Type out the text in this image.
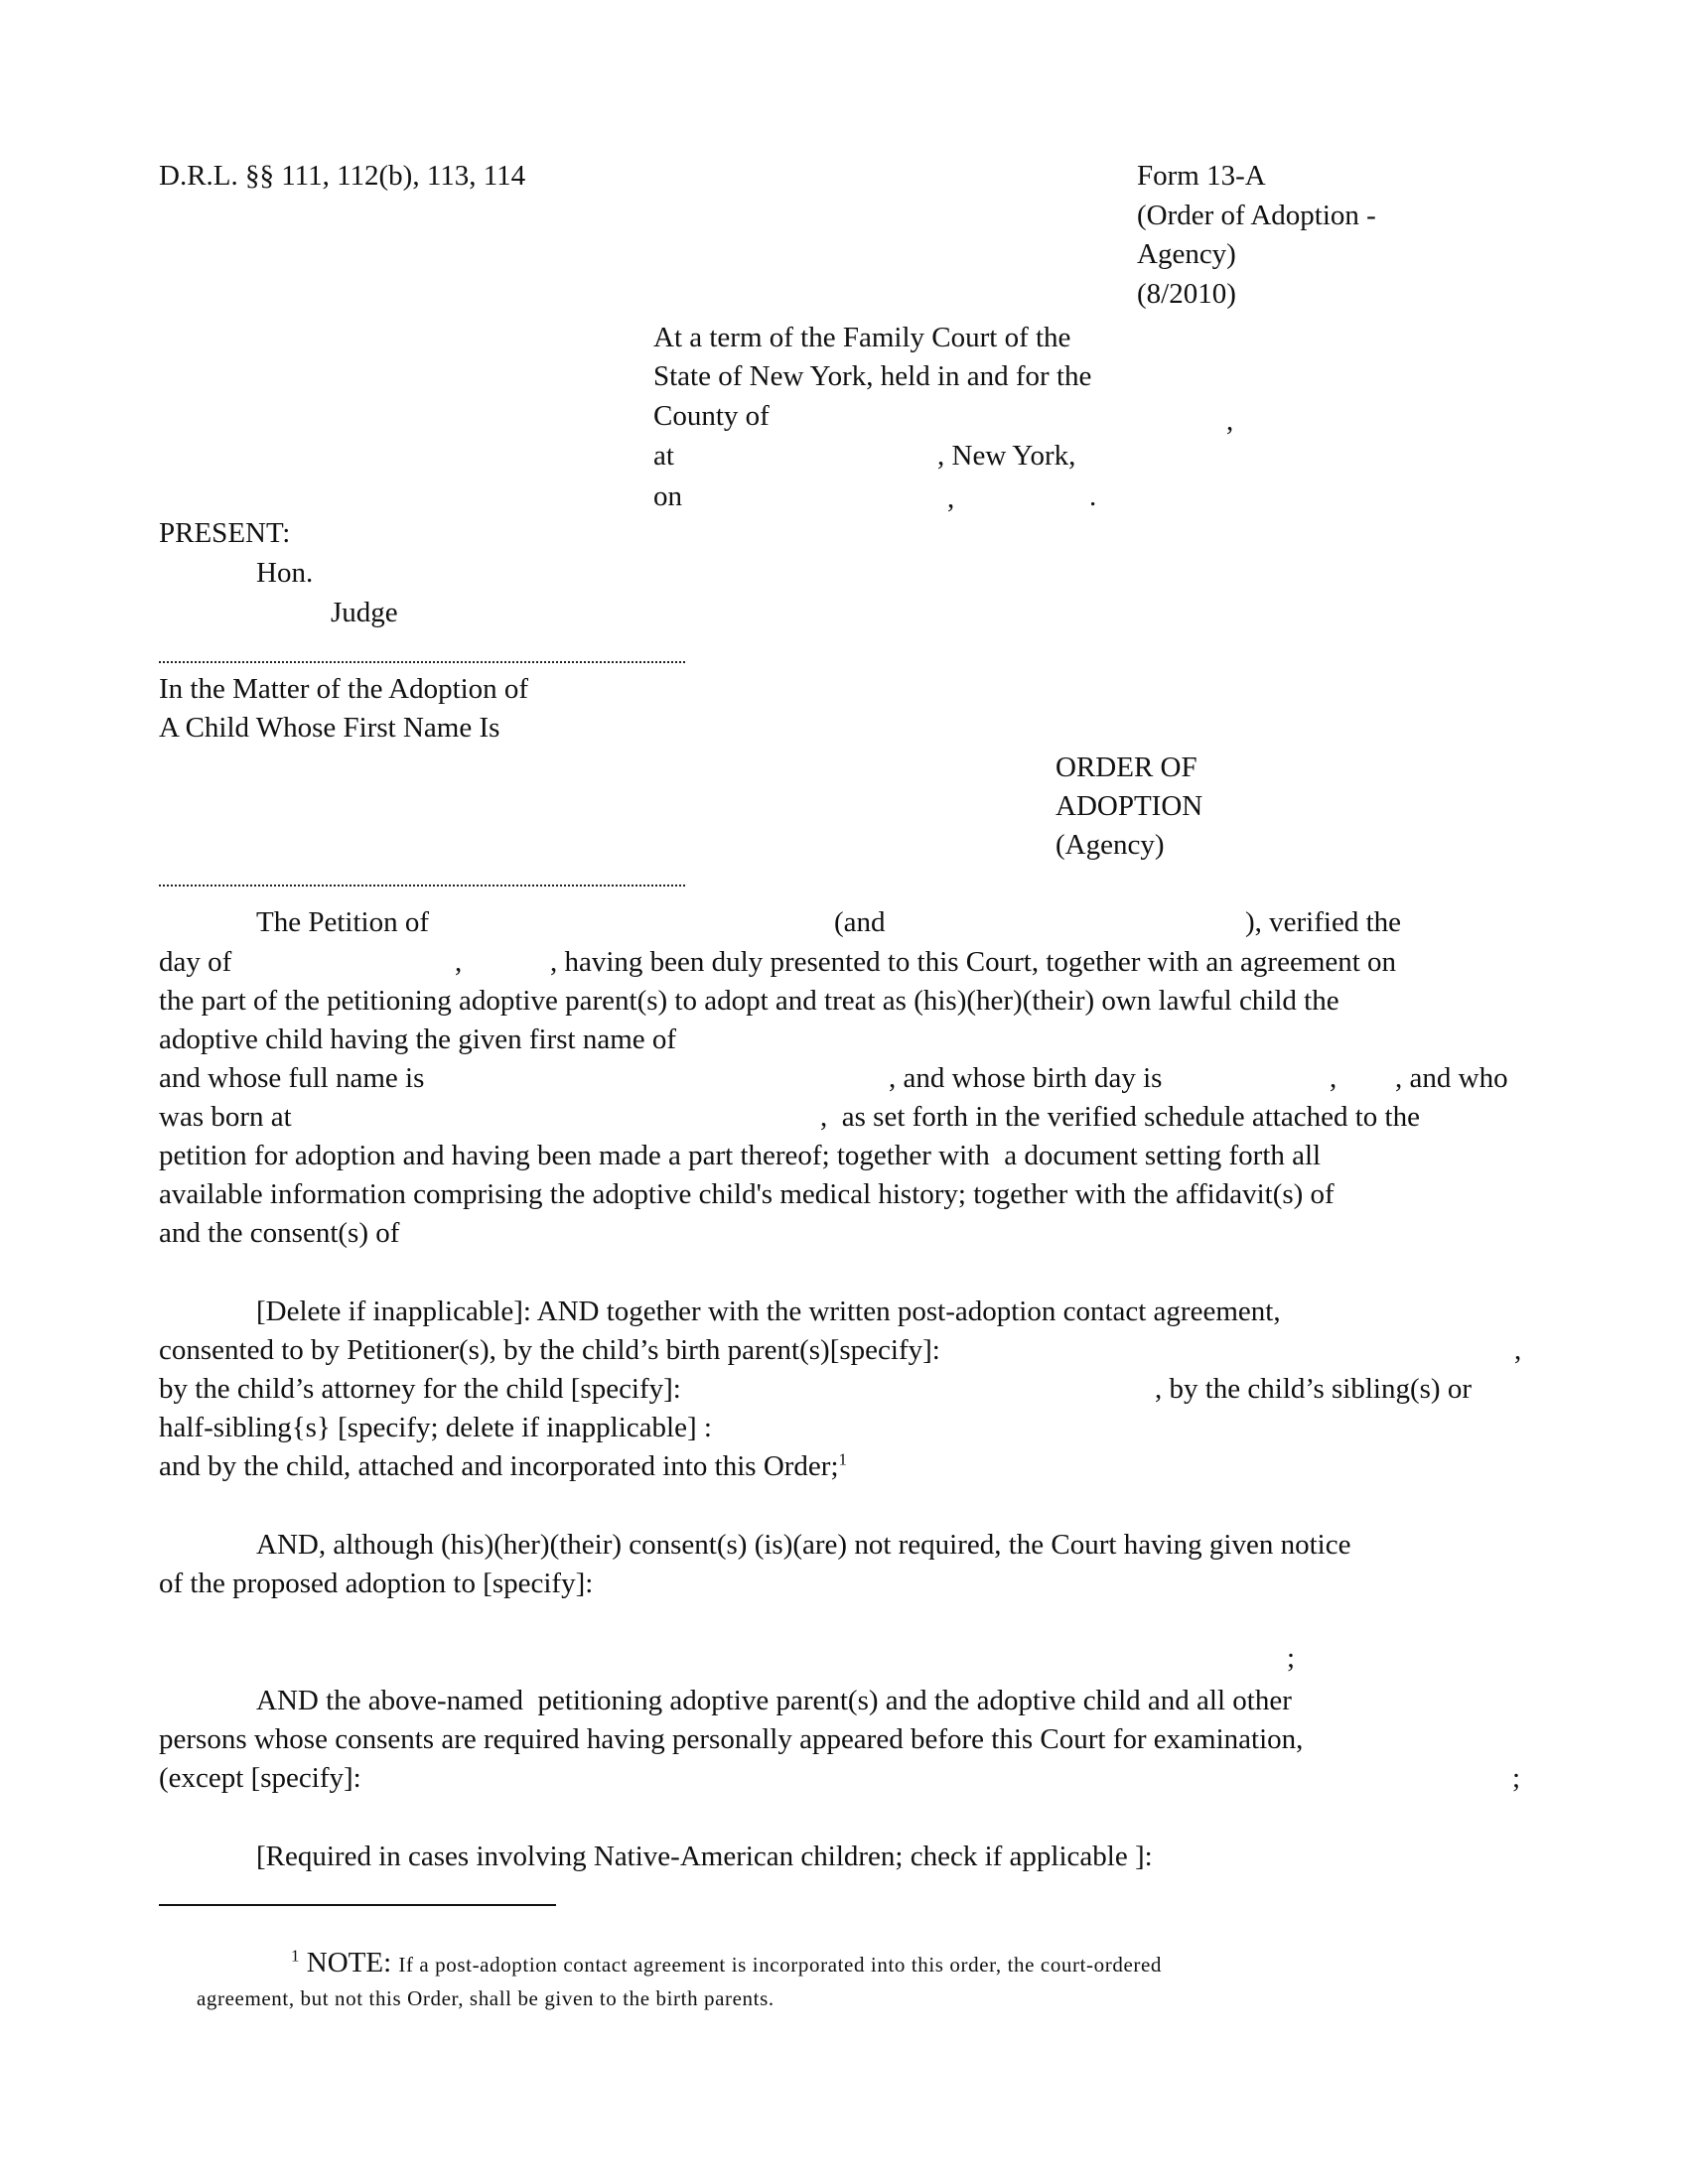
D.R.L. §§ 111, 112(b), 113, 114	Form 13-A
(Order of Adoption -
Agency)
(8/2010)
At a term of the Family Court of the
State of New York, held in and for the
County of	,
at	, New York,
on	,	.
PRESENT:
Hon.
Judge
In the Matter of the Adoption of
A Child Whose First Name Is
ORDER OF
ADOPTION
(Agency)
The Petition of	(and	), verified the
day of	,	, having been duly presented to this Court, together with an agreement on
the part of the petitioning adoptive parent(s) to adopt and treat as (his)(her)(their) own lawful child the
adoptive child having the given first name of
and whose full name is	, and whose birth day is	, , and who
was born at	,  as set forth in the verified schedule attached to the
petition for adoption and having been made a part thereof; together with  a document setting forth all
available information comprising the adoptive child's medical history; together with the affidavit(s) of
and the consent(s) of
[Delete if inapplicable]: AND together with the written post-adoption contact agreement,
consented to by Petitioner(s), by the child’s birth parent(s)[specify]:	,
by the child’s attorney for the child [specify]:	, by the child’s sibling(s) or
half-sibling{s} [specify; delete if inapplicable] :
and by the child, attached and incorporated into this Order;$^1$
AND, although (his)(her)(their) consent(s) (is)(are) not required, the Court having given notice
of the proposed adoption to [specify]:
;
AND the above-named  petitioning adoptive parent(s) and the adoptive child and all other
persons whose consents are required having personally appeared before this Court for examination,
(except [specify]:	;
[Required in cases involving Native-American children; check if applicable ]:
$^1$ NOTE: If a post-adoption contact agreement is incorporated into this order, the court-ordered
agreement, but not this Order, shall be given to the birth parents.
